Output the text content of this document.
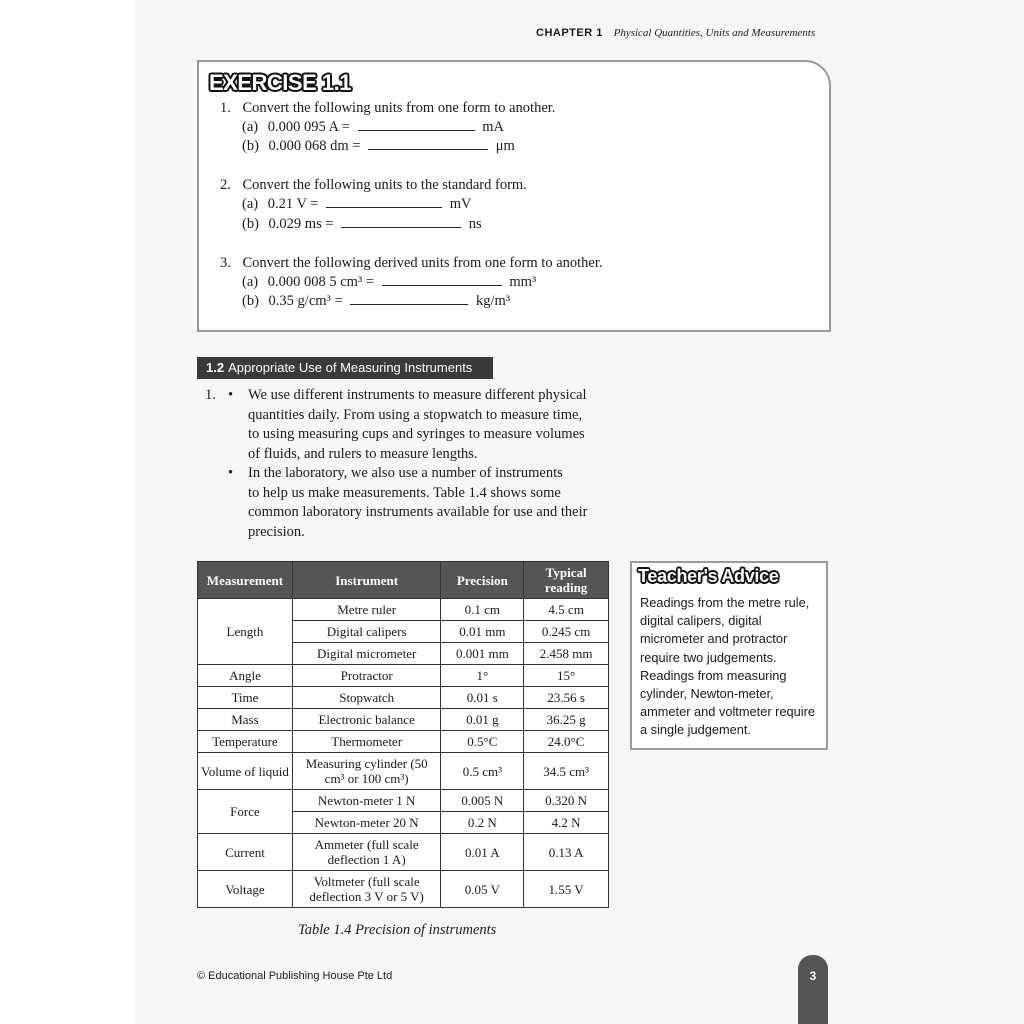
CHAPTER 1 Physical Quantities, Units and Measurements
EXERCISE 1.1
1. Convert the following units from one form to another.
(a) 0.000 095 A =	mA
(b) 0.000 068 dm =	μm
2. Convert the following units to the standard form.
(a) 0.21 V =	mV
(b) 0.029 ms =	ns
3. Convert the following derived units from one form to another.
(a) 0.000 008 5 cm³ =	mm³
(b) 0.35 g/cm³ =	kg/m³
1.2 Appropriate Use of Measuring Instruments
1. • We use different instruments to measure different physical
quantities daily. From using a stopwatch to measure time,
to using measuring cups and syringes to measure volumes
of fluids, and rulers to measure lengths.
• In the laboratory, we also use a number of instruments
to help us make measurements. Table 1.4 shows some
common laboratory instruments available for use and their
precision.
Measurement	Instrument	Precision	Typical reading
Length	Metre ruler	0.1 cm	4.5 cm
	Digital calipers	0.01 mm	0.245 cm
	Digital micrometer	0.001 mm	2.458 mm
Angle	Protractor	1°	15°
Time	Stopwatch	0.01 s	23.56 s
Mass	Electronic balance	0.01 g	36.25 g
Temperature	Thermometer	0.5°C	24.0°C
Volume of liquid	Measuring cylinder (50 cm³ or 100 cm³)	0.5 cm³	34.5 cm³
Force	Newton-meter 1 N	0.005 N	0.320 N
	Newton-meter 20 N	0.2 N	4.2 N
Current	Ammeter (full scale deflection 1 A)	0.01 A	0.13 A
Voltage	Voltmeter (full scale deflection 3 V or 5 V)	0.05 V	1.55 V
Table 1.4 Precision of instruments
Teacher's Advice
Readings from the metre rule, digital calipers, digital micrometer and protractor require two judgements. Readings from measuring cylinder, Newton-meter, ammeter and voltmeter require a single judgement.
© Educational Publishing House Pte Ltd	3
